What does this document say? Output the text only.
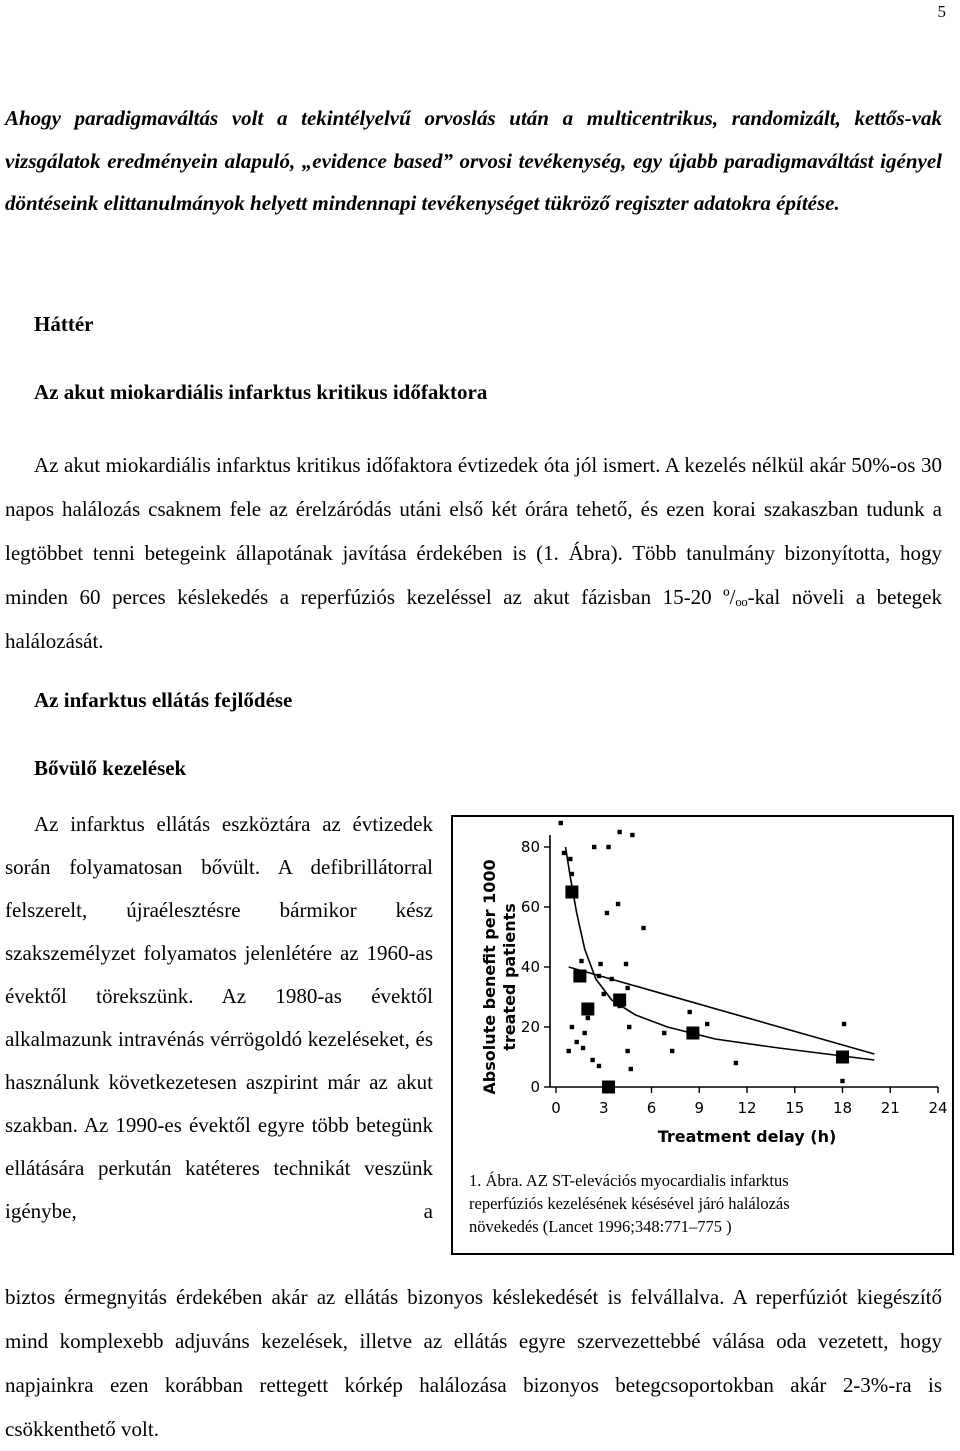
5

Ahogy paradigmaváltás volt a tekintélyelvű orvoslás után a multicentrikus, randomizált, kettős-vak vizsgálatok eredményein alapuló, „evidence based” orvosi tevékenység, egy újabb paradigmaváltást igényel döntéseink elittanulmányok helyett mindennapi tevékenységet tükröző regiszter adatokra építése.

Háttér

Az akut miokardiális infarktus kritikus időfaktora

Az akut miokardiális infarktus kritikus időfaktora évtizedek óta jól ismert. A kezelés nélkül akár 50%-os 30 napos halálozás csaknem fele az érelzáródás utáni első két órára tehető, és ezen korai szakaszban tudunk a legtöbbet tenni betegeink állapotának javítása érdekében is (1. Ábra). Több tanulmány bizonyította, hogy minden 60 perces késlekedés a reperfúziós kezeléssel az akut fázisban 15-20 º/ₒₒ-kal növeli a betegek halálozását.

Az infarktus ellátás fejlődése

Bővülő kezelések

Az infarktus ellátás eszköztára az évtizedek során folyamatosan bővült. A defibrillátorral felszerelt, újraélesztésre bármikor kész szakszemélyzet folyamatos jelenlétére az 1960-as évektől törekszünk. Az 1980-as évektől alkalmazunk intravénás vérrögoldó kezeléseket, és használunk következetesen aszpirint már az akut szakban. Az 1990-es évektől egyre több betegünk ellátására perkután katéteres technikát veszünk igénybe, a

0	3	6	9 12 15 18 21 24
0
20
40
60
80
Treatment delay (h)
Absolute benefit per 1000 treated patients

1. Ábra. AZ ST-elevációs myocardialis infarktus
reperfúziós kezelésének késésével járó halálozás
növekedés (Lancet 1996;348:771–775 )

biztos érmegnyitás érdekében akár az ellátás bizonyos késlekedését is felvállalva. A reperfúziót kiegészítő mind komplexebb adjuváns kezelések, illetve az ellátás egyre szervezettebbé válása oda vezetett, hogy napjainkra ezen korábban rettegett kórkép halálozása bizonyos betegcsoportokban akár 2-3%-ra is csökkenthető volt.
